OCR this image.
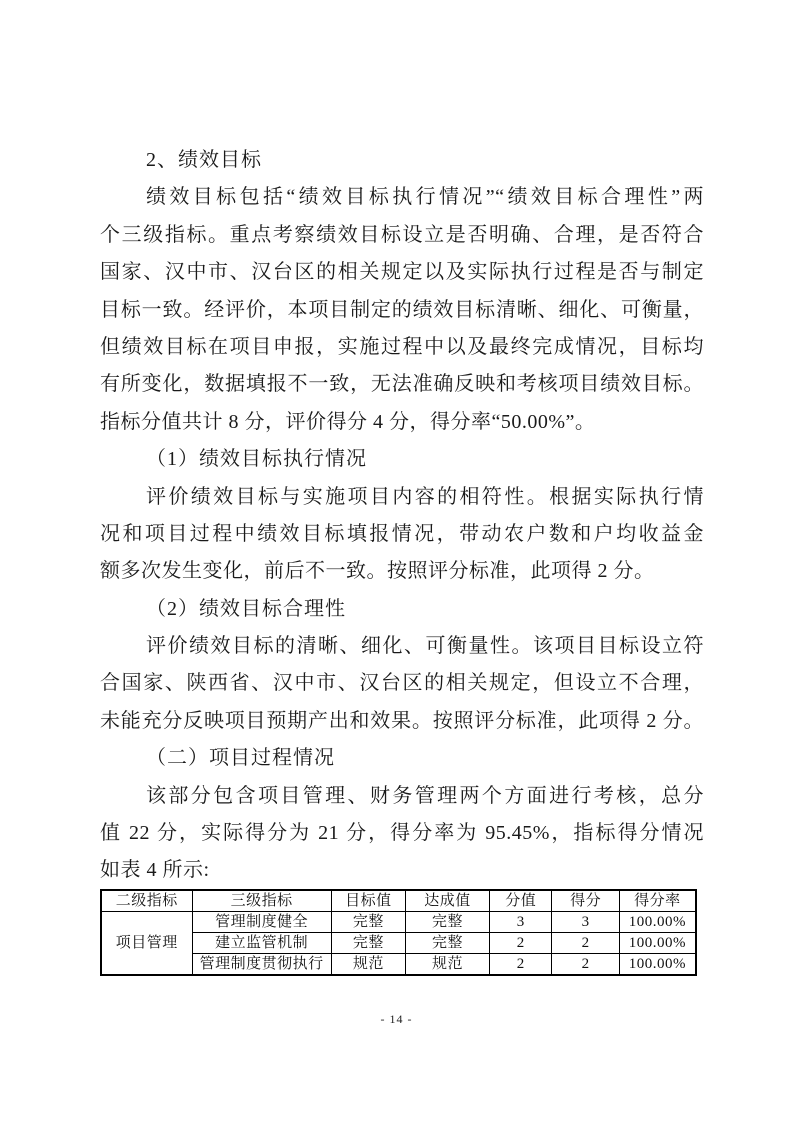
2、绩效目标
绩效目标包括“绩效目标执行情况”“绩效目标合理性”两
个三级指标。重点考察绩效目标设立是否明确、合理，是否符合
国家、汉中市、汉台区的相关规定以及实际执行过程是否与制定
目标一致。经评价，本项目制定的绩效目标清晰、细化、可衡量，
但绩效目标在项目申报，实施过程中以及最终完成情况，目标均
有所变化，数据填报不一致，无法准确反映和考核项目绩效目标。
指标分值共计 8 分，评价得分 4 分，得分率“50.00%”。
（1）绩效目标执行情况
评价绩效目标与实施项目内容的相符性。根据实际执行情
况和项目过程中绩效目标填报情况，带动农户数和户均收益金
额多次发生变化，前后不一致。按照评分标准，此项得 2 分。
（2）绩效目标合理性
评价绩效目标的清晰、细化、可衡量性。该项目目标设立符
合国家、陕西省、汉中市、汉台区的相关规定，但设立不合理，
未能充分反映项目预期产出和效果。按照评分标准，此项得 2 分。
（二）项目过程情况
该部分包含项目管理、财务管理两个方面进行考核，总分
值 22 分，实际得分为 21 分，得分率为 95.45%，指标得分情况
如表 4 所示:
二级指标	三级指标	目标值	达成值	分值	得分	得分率
项目管理	管理制度健全	完整	完整	3	3	100.00%
	建立监管机制	完整	完整	2	2	100.00%
	管理制度贯彻执行	规范	规范	2	2	100.00%
- 14 -
